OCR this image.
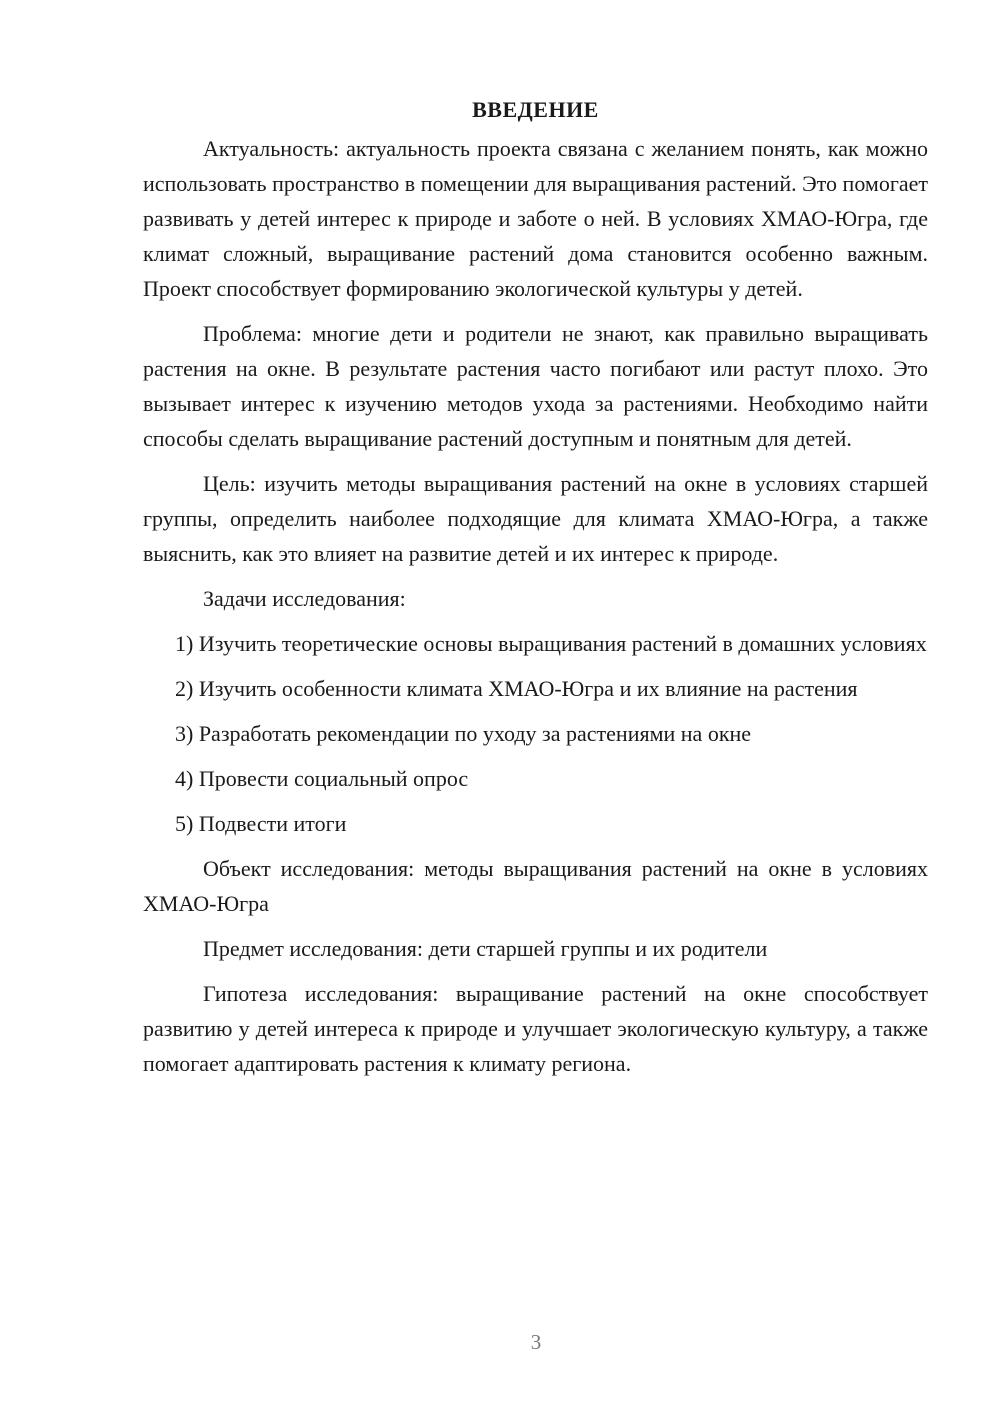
ВВЕДЕНИЕ

Актуальность: актуальность проекта связана с желанием понять, как можно использовать пространство в помещении для выращивания растений. Это помогает развивать у детей интерес к природе и заботе о ней. В условиях ХМАО-Югра, где климат сложный, выращивание растений дома становится особенно важным. Проект способствует формированию экологической культуры у детей.

Проблема: многие дети и родители не знают, как правильно выращивать растения на окне. В результате растения часто погибают или растут плохо. Это вызывает интерес к изучению методов ухода за растениями. Необходимо найти способы сделать выращивание растений доступным и понятным для детей.

Цель: изучить методы выращивания растений на окне в условиях старшей группы, определить наиболее подходящие для климата ХМАО-Югра, а также выяснить, как это влияет на развитие детей и их интерес к природе.

Задачи исследования:

1) Изучить теоретические основы выращивания растений в домашних условиях

2) Изучить особенности климата ХМАО-Югра и их влияние на растения

3) Разработать рекомендации по уходу за растениями на окне

4) Провести социальный опрос

5) Подвести итоги

Объект исследования: методы выращивания растений на окне в условиях ХМАО-Югра

Предмет исследования: дети старшей группы и их родители

Гипотеза исследования: выращивание растений на окне способствует развитию у детей интереса к природе и улучшает экологическую культуру, а также помогает адаптировать растения к климату региона.

3
